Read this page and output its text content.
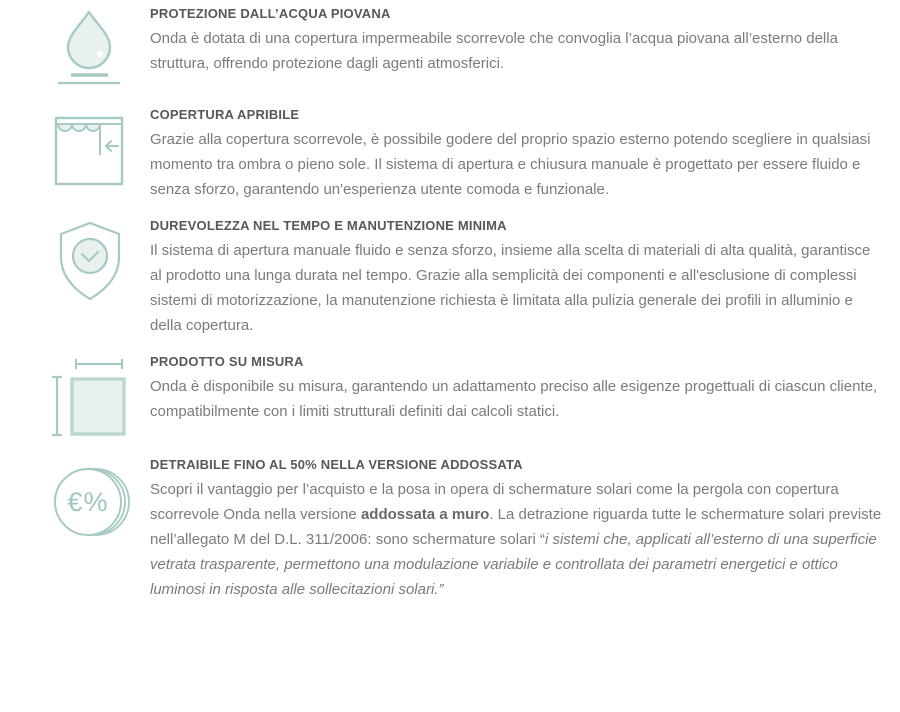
PROTEZIONE DALL’ACQUA PIOVANA

Onda è dotata di una copertura impermeabile scorrevole che convoglia l’acqua piovana all’esterno della struttura, offrendo protezione dagli agenti atmosferici.

COPERTURA APRIBILE

Grazie alla copertura scorrevole, è possibile godere del proprio spazio esterno potendo scegliere in qualsiasi momento tra ombra o pieno sole. Il sistema di apertura e chiusura manuale è progettato per essere fluido e senza sforzo, garantendo un'esperienza utente comoda e funzionale.

DUREVOLEZZA NEL TEMPO E MANUTENZIONE MINIMA

Il sistema di apertura manuale fluido e senza sforzo, insieme alla scelta di materiali di alta qualità, garantisce al prodotto una lunga durata nel tempo. Grazie alla semplicità dei componenti e all'esclusione di complessi sistemi di motorizzazione, la manutenzione richiesta è limitata alla pulizia generale dei profili in alluminio e della copertura.

PRODOTTO SU MISURA

Onda è disponibile su misura, garantendo un adattamento preciso alle esigenze progettuali di ciascun cliente, compatibilmente con i limiti strutturali definiti dai calcoli statici.

€%
DETRAIBILE FINO AL 50% NELLA VERSIONE ADDOSSATA

Scopri il vantaggio per l’acquisto e la posa in opera di schermature solari come la pergola con copertura scorrevole Onda nella versione addossata a muro. La detrazione riguarda tutte le schermature solari previste nell’allegato M del D.L. 311/2006: sono schermature solari “i sistemi che, applicati all’esterno di una superficie vetrata trasparente, permettono una modulazione variabile e controllata dei parametri energetici e ottico luminosi in risposta alle sollecitazioni solari.”
